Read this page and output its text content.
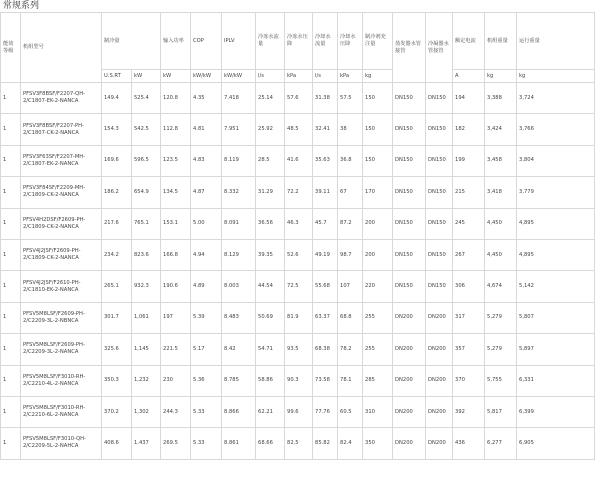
常规系列
能效等级	机组型号	制冷量		输入功率	COP	IPLV	冷冻水流量	冷冻水压降	冷却水流量	冷却水压降	制冷剂充注量	蒸发器水管接管	冷凝器水管接管	额定电流	机组重量	运行重量	
		U.S.RT	kW	kW	kW/kW	kW/kW	l/s	kPa	l/s	kPa	kg			A	kg	kg	
1	PFSV3F8BSF/F2207-QH-2/C1807-EK-2-NANCA	149.4	525.4	120.8	4.35	7.418	25.14	57.6	31.38	57.5	150	DN150	DN150	194	3,388	3,724	
1	PFSV3F8BSF/F2207-PH-2/C1807-CK-2-NANCA	154.3	542.5	112.8	4.81	7.951	25.92	48.5	32.41	38	150	DN150	DN150	182	3,424	3,766	
1	PFSV3F63SF/F2207-MH-2/C1807-EK-2-NANCA	169.6	596.5	123.5	4.83	8.119	28.5	41.6	35.63	36.8	150	DN150	DN150	199	3,458	3,804	
1	PFSV3F84SF/F2209-MH-2/C1809-CK-2-NANCA	186.2	654.9	134.5	4.87	8.332	31.29	72.2	39.11	67	170	DN150	DN150	215	3,418	3,779	
1	PFSV4H2DSF/F2609-PH-2/C1809-CK-2-NANCA	217.6	765.1	153.1	5.00	8.091	36.56	46.3	45.7	87.2	200	DN150	DN150	245	4,450	4,895	
1	PFSV4J2JSF/F2609-PH-2/C1809-CK-2-NANCA	234.2	823.6	166.8	4.94	8.129	39.35	52.6	49.19	98.7	200	DN150	DN150	267	4,450	4,895	
1	PFSV4J2JSF/F2610-PH-2/C1810-EK-2-NANCA	265.1	932.3	190.6	4.89	8.003	44.54	72.5	55.68	107	220	DN150	DN150	306	4,674	5,142	
1	PFSV5M8LSF/F2609-PH-2/C2209-3L-2-NBNCA	301.7	1,061	197	5.39	8.483	50.69	81.9	63.37	68.8	255	DN200	DN200	317	5,279	5,807	
1	PFSV5M8LSF/F2609-PH-2/C2209-3L-2-NANCA	325.6	1,145	221.5	5.17	8.42	54.71	93.5	68.38	78.2	255	DN200	DN200	357	5,279	5,897	
1	PFSV5M8LSF/F3010-RH-2/C2210-4L-2-NANCA	350.3	1,232	230	5.36	8.785	58.86	90.3	73.58	78.1	285	DN200	DN200	370	5,755	6,331	
1	PFSV5M8LSF/F3010-RH-2/C2210-6L-2-NANCA	370.2	1,302	244.3	5.33	8.866	62.21	99.6	77.76	60.5	310	DN200	DN200	392	5,817	6,399	
1	PFSV5M8LSF/F3010-QH-2/C2209-5L-2-NAHCA	408.6	1,437	269.5	5.33	8.861	68.66	82.5	85.82	82.4	350	DN200	DN200	436	6,277	6,905	
